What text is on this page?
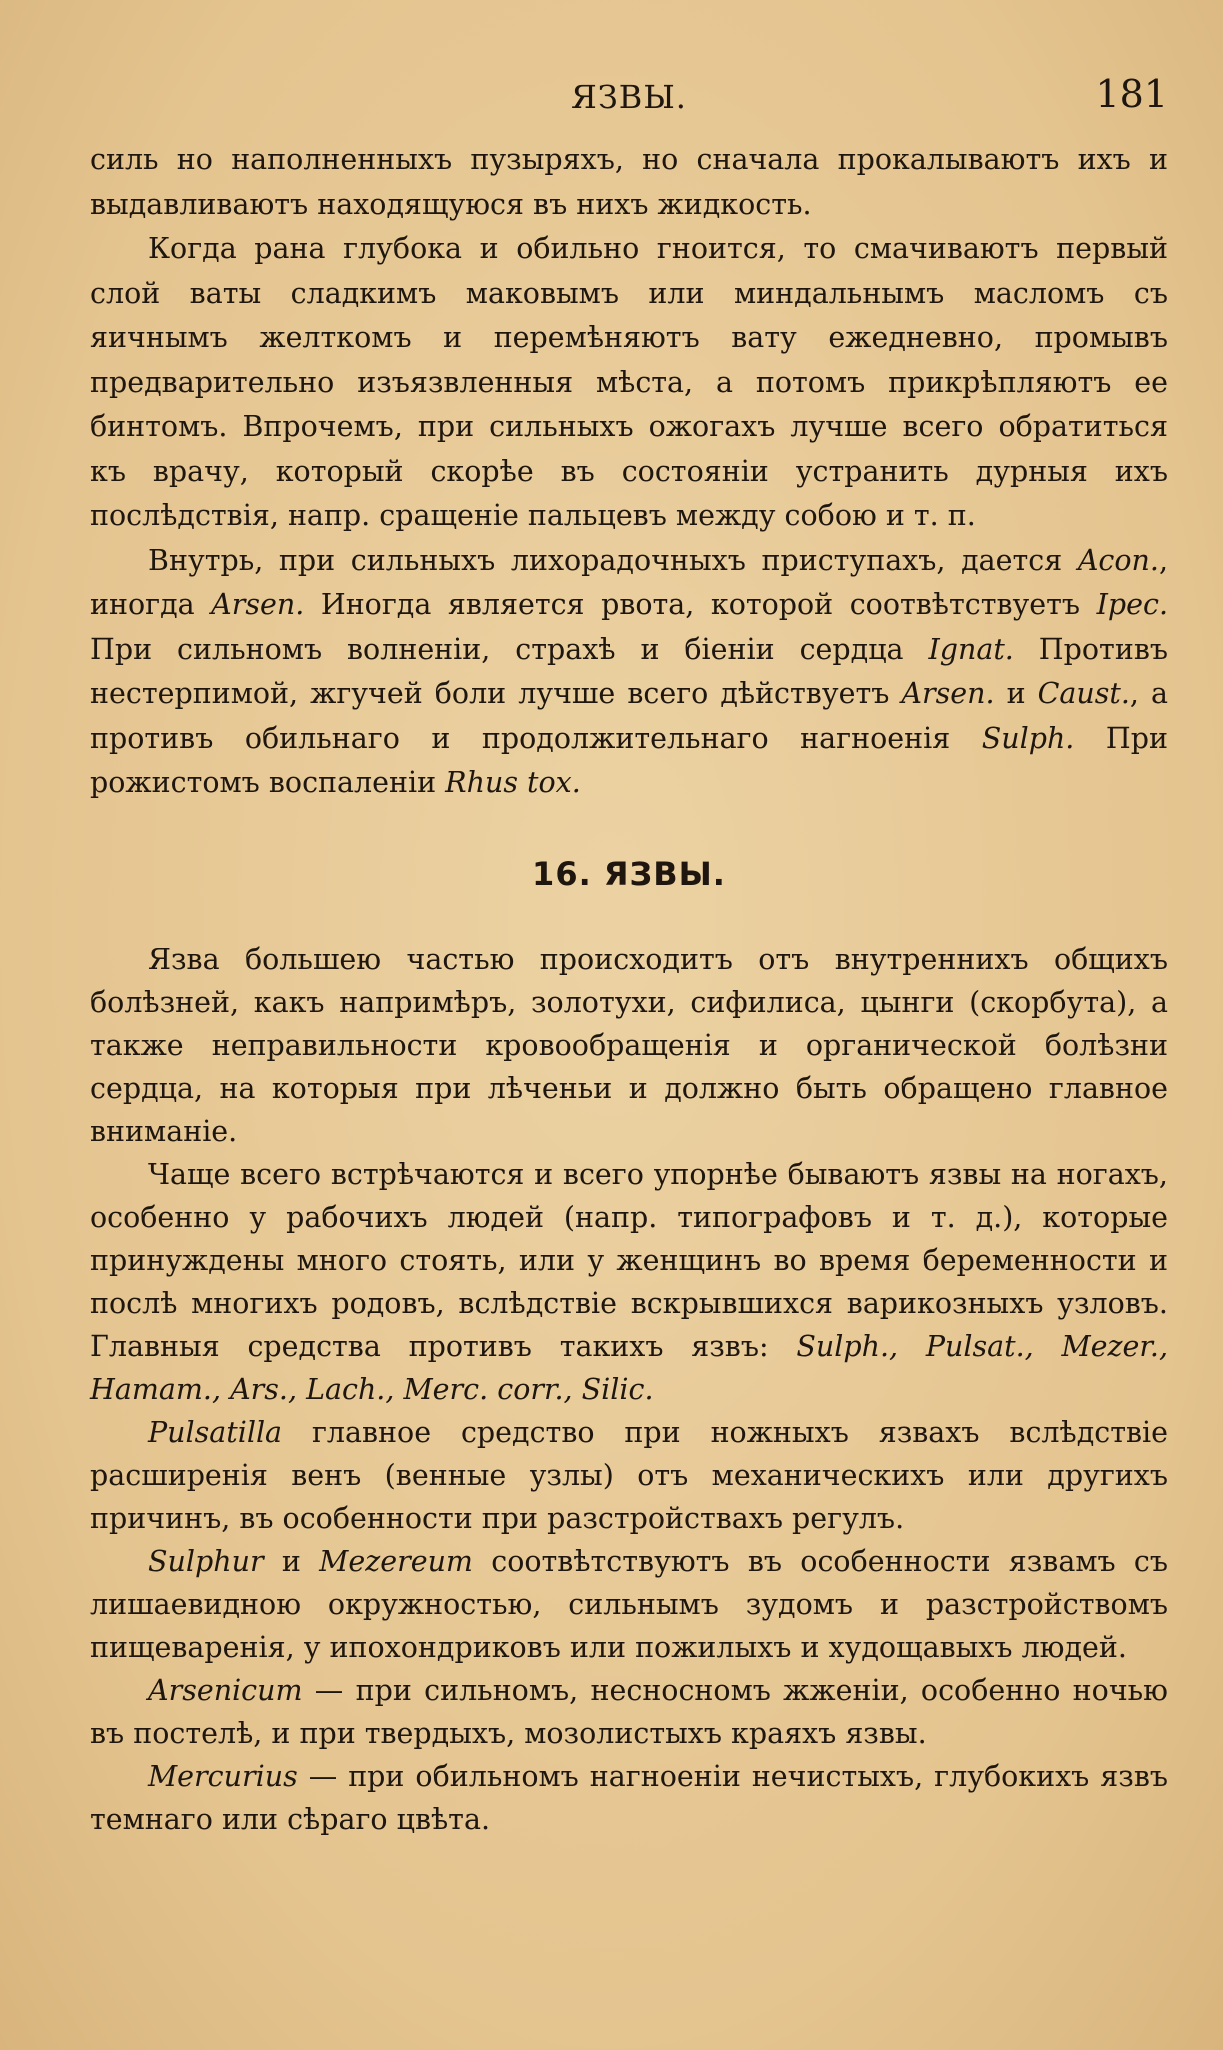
ЯЗВЫ.	181

силь но наполненныхъ пузыряхъ, но сначала прокалываютъ ихъ и выдавливаютъ находящуюся въ нихъ жидкость.

Когда рана глубока и обильно гноится, то смачиваютъ первый слой ваты сладкимъ маковымъ или миндальнымъ масломъ съ яичнымъ желткомъ и перемѣняютъ вату ежедневно, промывъ предварительно изъязвленныя мѣста, а потомъ прикрѣпляютъ ее бинтомъ. Впрочемъ, при сильныхъ ожогахъ лучше всего обратиться къ врачу, который скорѣе въ состояніи устранить дурныя ихъ послѣдствія, напр. сращеніе пальцевъ между собою и т. п.

Внутрь, при сильныхъ лихорадочныхъ приступахъ, дается Acon., иногда Arsen. Иногда является рвота, которой соотвѣтствуетъ Ipec. При сильномъ волненіи, страхѣ и біеніи сердца Ignat. Противъ нестерпимой, жгучей боли лучше всего дѣйствуетъ Arsen. и Caust., а противъ обильнаго и продолжительнаго нагноенія Sulph. При рожистомъ воспаленіи Rhus tox.

16. ЯЗВЫ.

Язва большею частью происходитъ отъ внутреннихъ общихъ болѣзней, какъ напримѣръ, золотухи, сифилиса, цынги (скорбута), а также неправильности кровообращенія и органической болѣзни сердца, на которыя при лѣченьи и должно быть обращено главное вниманіе.

Чаще всего встрѣчаются и всего упорнѣе бываютъ язвы на ногахъ, особенно у рабочихъ людей (напр. типографовъ и т. д.), которые принуждены много стоять, или у женщинъ во время беременности и послѣ многихъ родовъ, вслѣдствіе вскрывшихся варикозныхъ узловъ. Главныя средства противъ такихъ язвъ: Sulph., Pulsat., Mezer., Hamam., Ars., Lach., Merc. corr., Silic.

Pulsatilla главное средство при ножныхъ язвахъ вслѣдствіе расширенія венъ (венные узлы) отъ механическихъ или другихъ причинъ, въ особенности при разстройствахъ регулъ.

Sulphur и Mezereum соотвѣтствуютъ въ особенности язвамъ съ лишаевидною окружностью, сильнымъ зудомъ и разстройствомъ пищеваренія, у ипохондриковъ или пожилыхъ и худощавыхъ людей.

Arsenicum — при сильномъ, несносномъ жженіи, особенно ночью въ постелѣ, и при твердыхъ, мозолистыхъ краяхъ язвы.

Mercurius — при обильномъ нагноеніи нечистыхъ, глубокихъ язвъ темнаго или сѣраго цвѣта.
